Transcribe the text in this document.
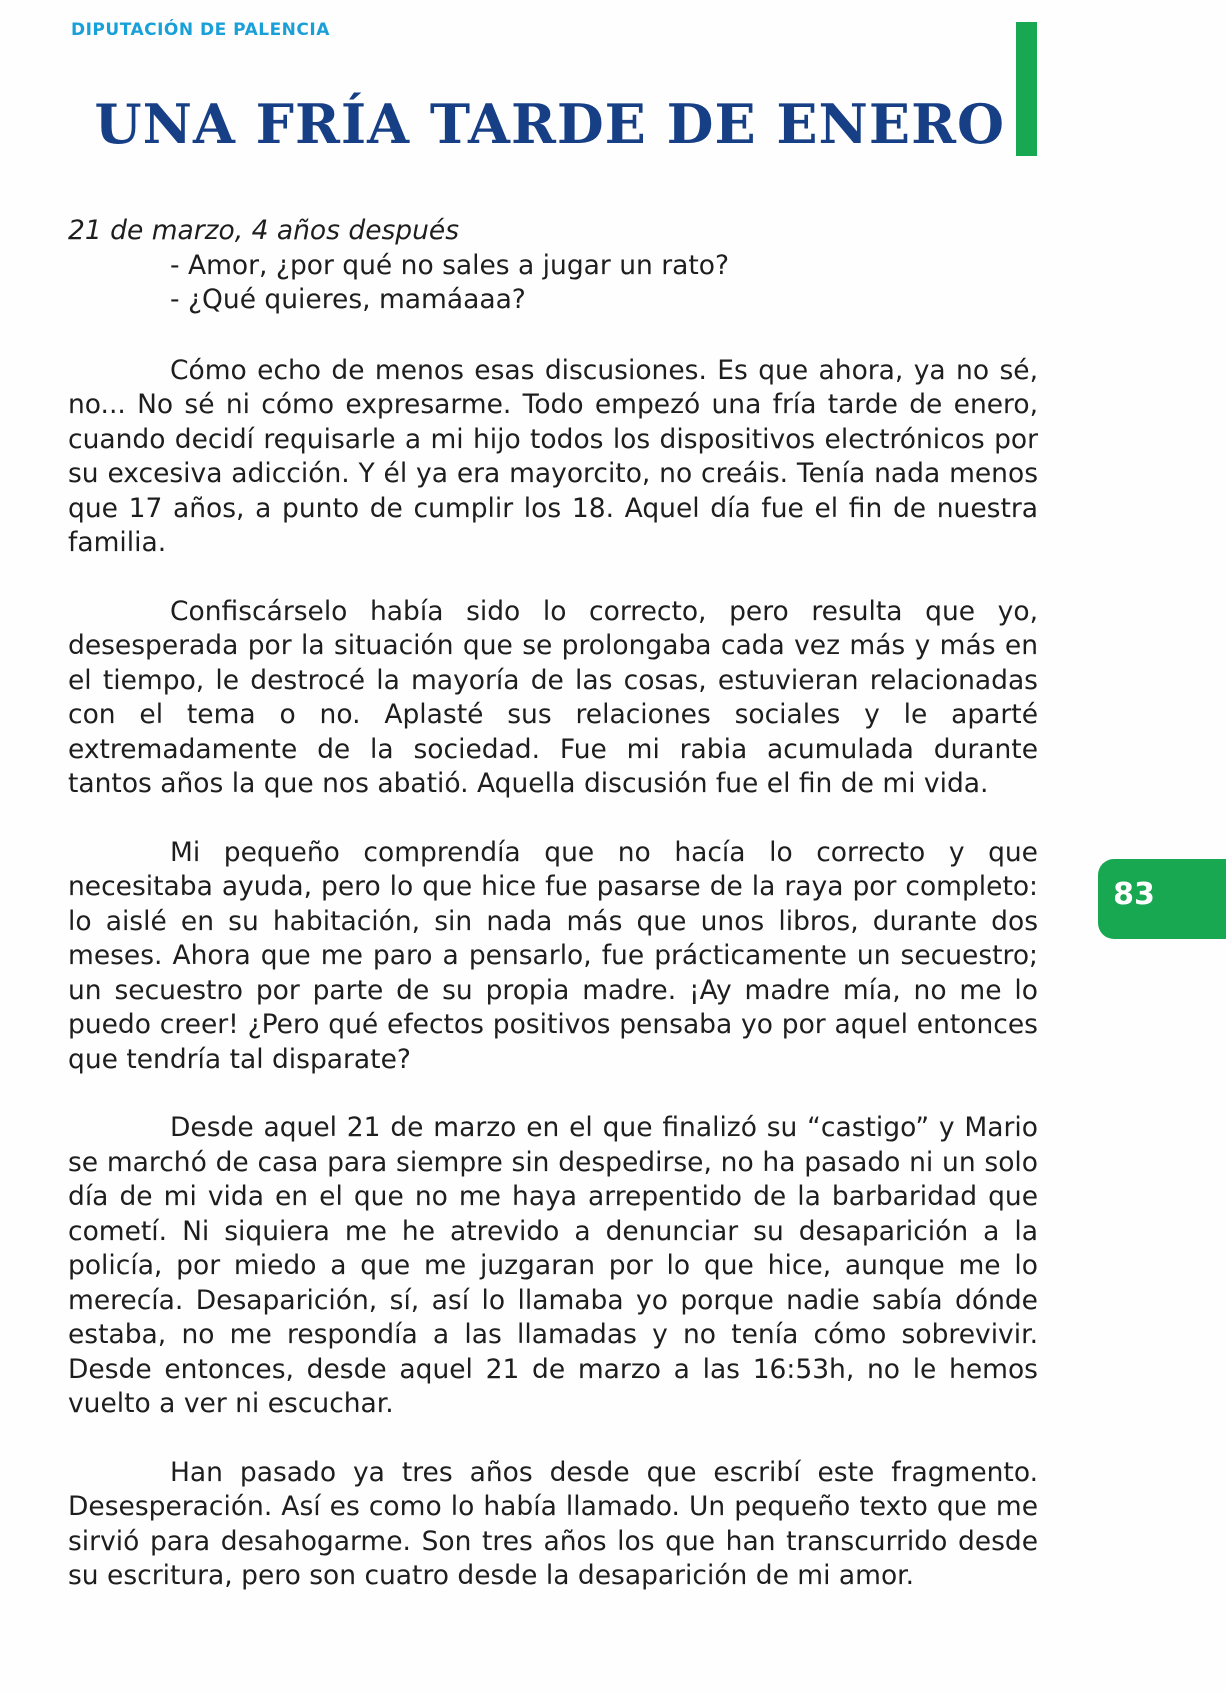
DIPUTACIÓN DE PALENCIA
UNA FRÍA TARDE DE ENERO

21 de marzo, 4 años después

- Amor, ¿por qué no sales a jugar un rato?

- ¿Qué quieres, mamáaaa?

Cómo echo de menos esas discusiones. Es que ahora, ya no sé, no... No sé ni cómo expresarme. Todo empezó una fría tarde de enero, cuando decidí requisarle a mi hijo todos los dispositivos electrónicos por su excesiva adicción. Y él ya era mayorcito, no creáis. Tenía nada menos que 17 años, a punto de cumplir los 18. Aquel día fue el fin de nuestra familia.

Confiscárselo había sido lo correcto, pero resulta que yo, desesperada por la situación que se prolongaba cada vez más y más en el tiempo, le destrocé la mayoría de las cosas, estuvieran relacionadas con el tema o no. Aplasté sus relaciones sociales y le aparté extremadamente de la sociedad. Fue mi rabia acumulada durante tantos años la que nos abatió. Aquella discusión fue el fin de mi vida.

Mi pequeño comprendía que no hacía lo correcto y que necesitaba ayuda, pero lo que hice fue pasarse de la raya por completo: lo aislé en su habitación, sin nada más que unos libros, durante dos meses. Ahora que me paro a pensarlo, fue prácticamente un secuestro; un secuestro por parte de su propia madre. ¡Ay madre mía, no me lo puedo creer! ¿Pero qué efectos positivos pensaba yo por aquel entonces que tendría tal disparate?

Desde aquel 21 de marzo en el que finalizó su “castigo” y Mario se marchó de casa para siempre sin despedirse, no ha pasado ni un solo día de mi vida en el que no me haya arrepentido de la barbaridad que cometí. Ni siquiera me he atrevido a denunciar su desaparición a la policía, por miedo a que me juzgaran por lo que hice, aunque me lo merecía. Desaparición, sí, así lo llamaba yo porque nadie sabía dónde estaba, no me respondía a las llamadas y no tenía cómo sobrevivir. Desde entonces, desde aquel 21 de marzo a las 16:53h, no le hemos vuelto a ver ni escuchar.

Han pasado ya tres años desde que escribí este fragmento. Desesperación. Así es como lo había llamado. Un pequeño texto que me sirvió para desahogarme. Son tres años los que han transcurrido desde su escritura, pero son cuatro desde la desaparición de mi amor.

83
